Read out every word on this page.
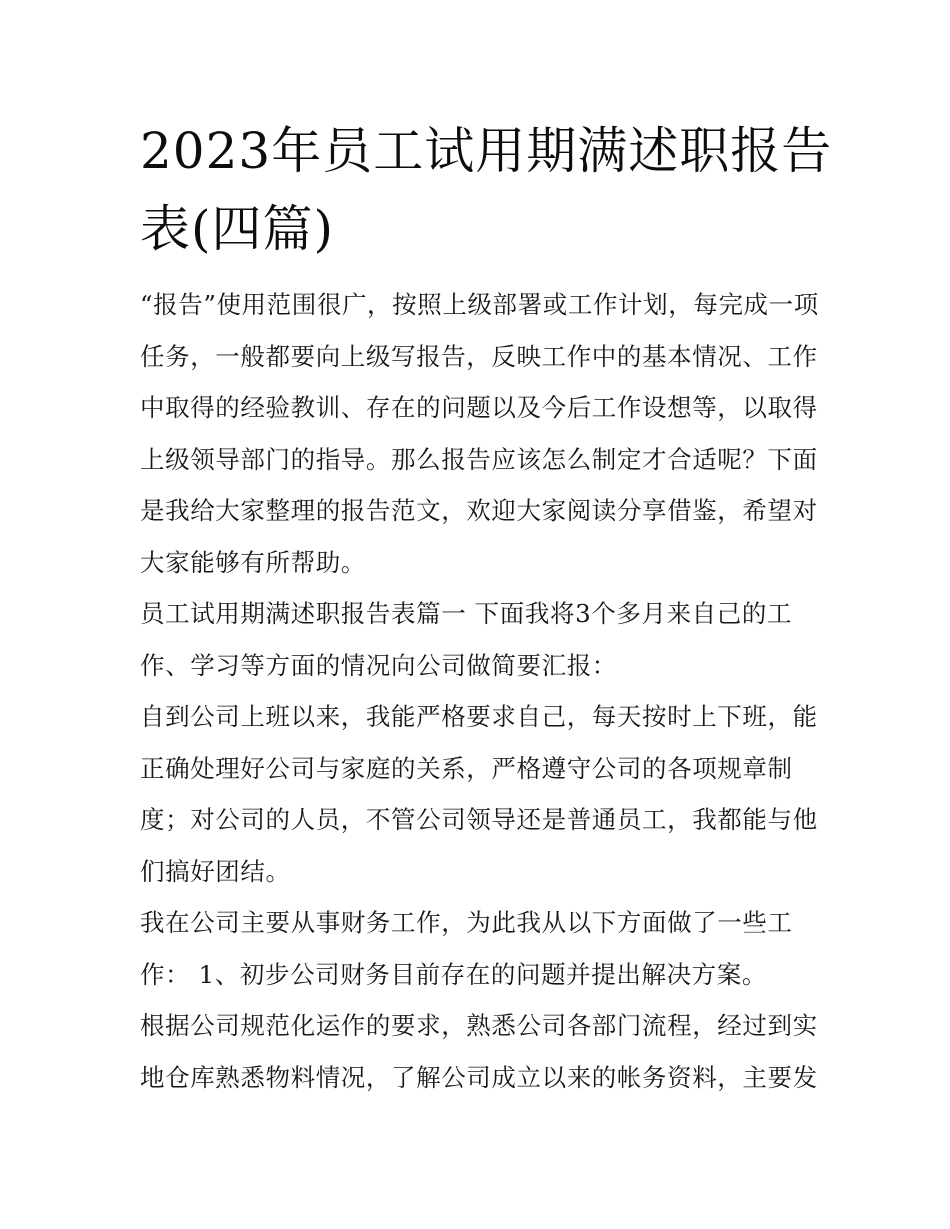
2023年员工试用期满述职报告
表(四篇)
“报告”使用范围很广，按照上级部署或工作计划，每完成一项
任务，一般都要向上级写报告，反映工作中的基本情况、工作
中取得的经验教训、存在的问题以及今后工作设想等，以取得
上级领导部门的指导。那么报告应该怎么制定才合适呢？下面
是我给大家整理的报告范文，欢迎大家阅读分享借鉴，希望对
大家能够有所帮助。
员工试用期满述职报告表篇一 下面我将3个多月来自己的工
作、学习等方面的情况向公司做简要汇报：
自到公司上班以来，我能严格要求自己，每天按时上下班，能
正确处理好公司与家庭的关系，严格遵守公司的各项规章制
度；对公司的人员，不管公司领导还是普通员工，我都能与他
们搞好团结。
我在公司主要从事财务工作，为此我从以下方面做了一些工
作： 1、初步公司财务目前存在的问题并提出解决方案。
根据公司规范化运作的要求，熟悉公司各部门流程，经过到实
地仓库熟悉物料情况，了解公司成立以来的帐务资料，主要发
